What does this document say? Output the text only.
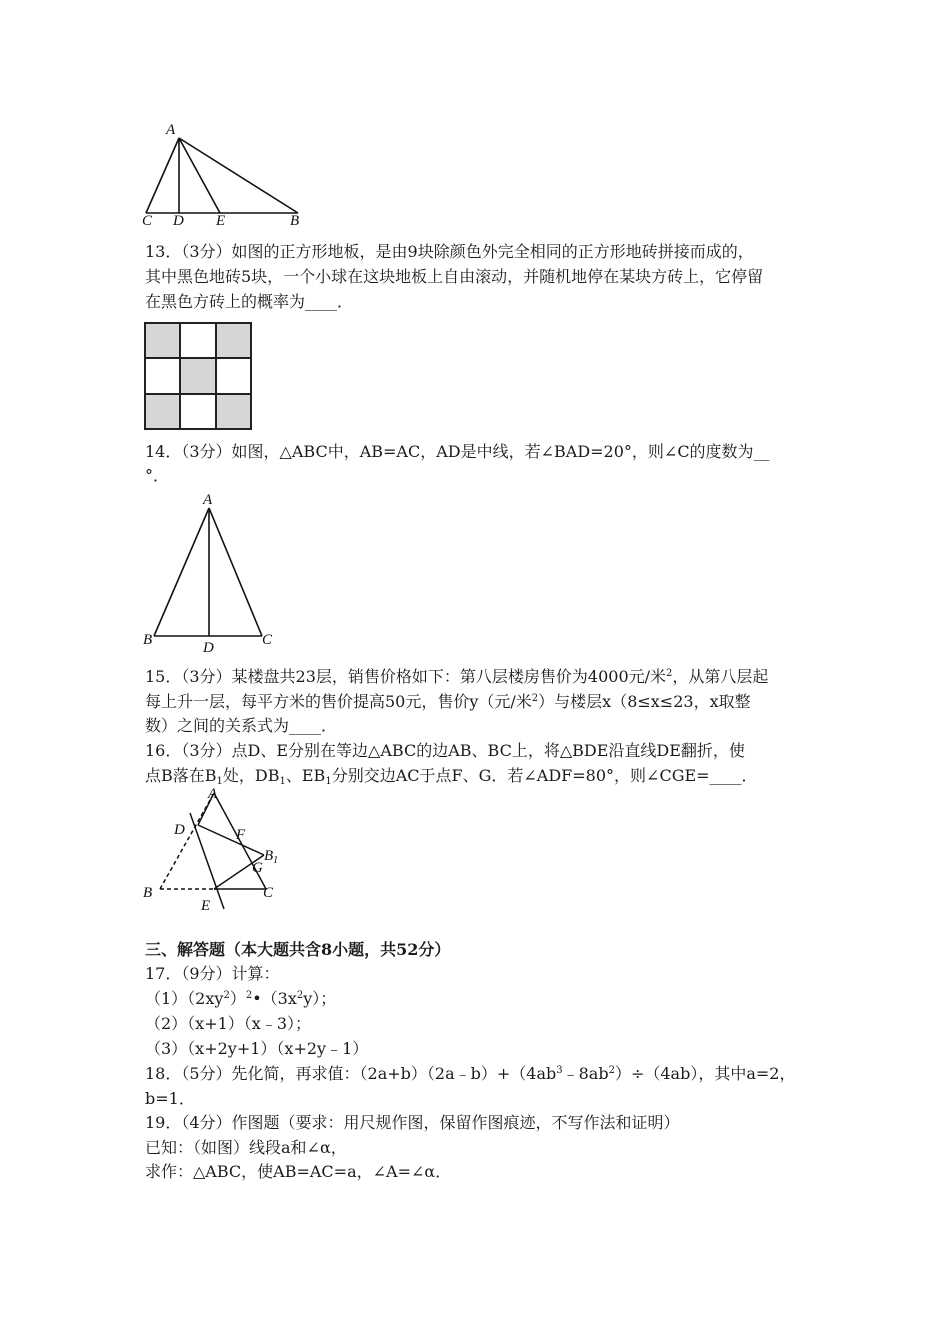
A
C D E	B
13．（3分）如图的正方形地板，是由9块除颜色外完全相同的正方形地砖拼接而成的，
其中黑色地砖5块，一个小球在这块地板上自由滚动，并随机地停在某块方砖上，它停留
在黑色方砖上的概率为____．
14．（3分）如图，△ABC中，AB=AC，AD是中线，若∠BAD=20°，则∠C的度数为__
°．
A
B	D	C
15．（3分）某楼盘共23层，销售价格如下：第八层楼房售价为4000元/米$^2$，从第八层起
每上升一层，每平方米的售价提高50元，售价y（元/米$^2$）与楼层x（8≤x≤23，x取整
数）之间的关系式为____．
16．（3分）点D、E分别在等边△ABC的边AB、BC上，将△BDE沿直线DE翻折，使
点B落在$B_1$处，$DB_1$、$EB_1$分别交边AC于点F、G．若∠ADF=80°，则∠CGE=____．
A
D	F
$B_1$
G
B	C
E
三、解答题（本大题共含8小题，共52分）
17．（9分）计算：
$(1)(2xy^2)^2•(3x^2y)$；
（2）（x+1）（x﹣3）；
（3）（x+2y+1）（x+2y﹣1）
18．（5分）先化简，再求值：$(2a+b)(2a﹣b)+(4ab^3﹣8ab^2)\div(4ab)$，其中a=2，
b=1．
19．（4分）作图题（要求：用尺规作图，保留作图痕迹，不写作法和证明）
已知：（如图）线段a和∠α，
求作：△ABC，使AB=AC=a，∠A=∠α．
